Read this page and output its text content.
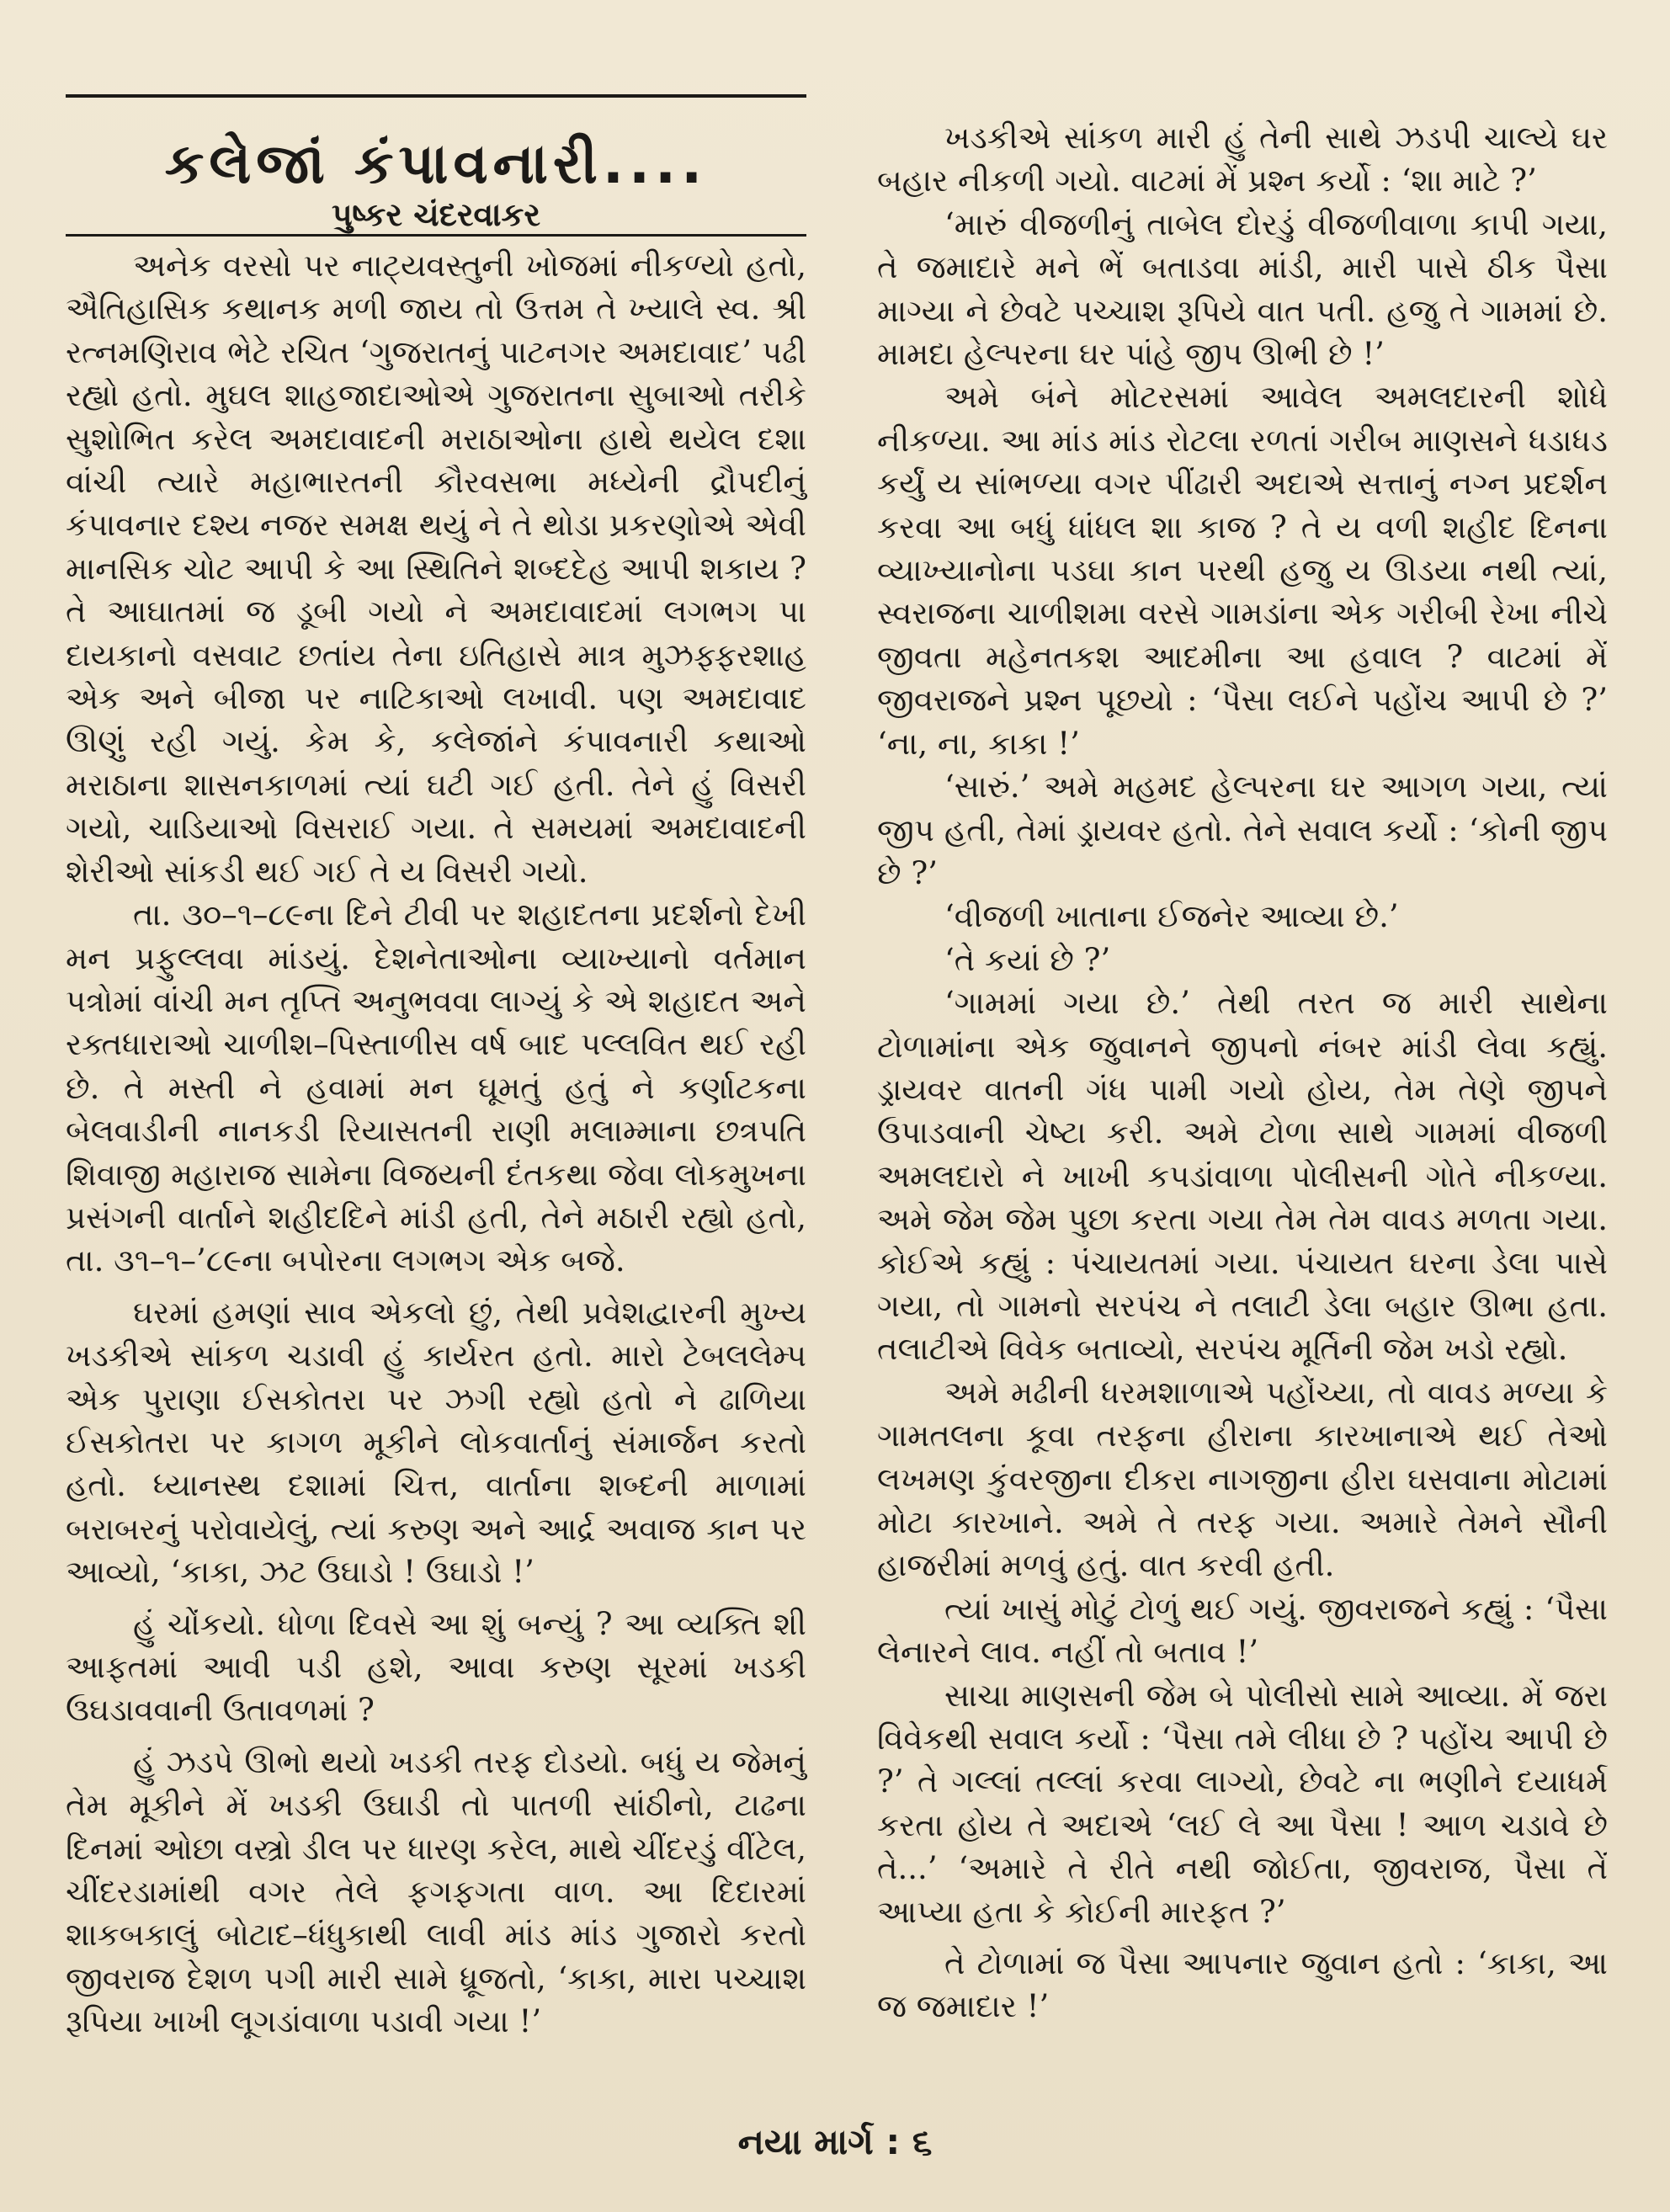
કલેજાં કંપાવનારી....
પુષ્કર ચંદરવાકર

અનેક વરસો પર નાટ્યવસ્તુની ખોજમાં નીકળ્યો હતો, ઐતિહાસિક કથાનક મળી જાય તો ઉત્તમ તે ખ્યાલે સ્વ. શ્રી રત્નમણિરાવ ભેટે રચિત ‘ગુજરાતનું પાટનગર અમદાવાદ’ પઢી રહ્યો હતો. મુઘલ શાહજાદાઓએ ગુજરાતના સુબાઓ તરીકે સુશોભિત કરેલ અમદાવાદની મરાઠાઓના હાથે થયેલ દશા વાંચી ત્યારે મહાભારતની કૌરવસભા મધ્યેની દ્રૌપદીનું કંપાવનાર દશ્ય નજર સમક્ષ થયું ને તે થોડા પ્રકરણોએ એવી માનસિક ચોટ આપી કે આ સ્થિતિને શબ્દદેહ આપી શકાય ? તે આઘાતમાં જ ડૂબી ગયો ને અમદાવાદમાં લગભગ પા દાયકાનો વસવાટ છતાંય તેના ઇતિહાસે માત્ર મુઝફ્ફરશાહ એક અને બીજા પર નાટિકાઓ લખાવી. પણ અમદાવાદ ઊણું રહી ગયું. કેમ કે, કલેજાંને કંપાવનારી કથાઓ મરાઠાના શાસનકાળમાં ત્યાં ઘટી ગઈ હતી. તેને હું વિસરી ગયો, ચાડિયાઓ વિસરાઈ ગયા. તે સમયમાં અમદાવાદની શેરીઓ સાંકડી થઈ ગઈ તે ય વિસરી ગયો.

તા. ૩૦–૧–૮૯ના દિને ટીવી પર શહાદતના પ્રદર્શનો દેખી મન પ્રફુલ્લવા માંડયું. દેશનેતાઓના વ્યાખ્યાનો વર્તમાન પત્રોમાં વાંચી મન તૃપ્તિ અનુભવવા લાગ્યું કે એ શહાદત અને રક્તધારાઓ ચાળીશ–પિસ્તાળીસ વર્ષ બાદ પલ્લવિત થઈ રહી છે. તે મસ્તી ને હવામાં મન ઘૂમતું હતું ને કર્ણાટકના બેલવાડીની નાનકડી રિયાસતની રાણી મલામ્માના છત્રપતિ શિવાજી મહારાજ સામેના વિજયની દંતકથા જેવા લોકમુખના પ્રસંગની વાર્તાને શહીદદિને માંડી હતી, તેને મઠારી રહ્યો હતો, તા. ૩૧–૧–’૮૯ના બપોરના લગભગ એક બજે.

ઘરમાં હમણાં સાવ એકલો છું, તેથી પ્રવેશદ્વારની મુખ્ય ખડકીએ સાંકળ ચડાવી હું કાર્યરત હતો. મારો ટેબલલેમ્પ એક પુરાણા ઈસકોતરા પર ઝગી રહ્યો હતો ને ઢાળિયા ઈસકોતરા પર કાગળ મૂકીને લોકવાર્તાનું સંમાર્જન કરતો હતો. ધ્યાનસ્થ દશામાં ચિત્ત, વાર્તાના શબ્દની માળામાં બરાબરનું પરોવાયેલું, ત્યાં કરુણ અને આર્દ્ર અવાજ કાન પર આવ્યો, ‘કાકા, ઝટ ઉઘાડો ! ઉઘાડો !’

હું ચોંકયો. ધોળા દિવસે આ શું બન્યું ? આ વ્યક્તિ શી આફતમાં આવી પડી હશે, આવા કરુણ સૂરમાં ખડકી ઉઘડાવવાની ઉતાવળમાં ?

હું ઝડપે ઊભો થયો ખડકી તરફ દોડયો. બધું ય જેમનું તેમ મૂકીને મેં ખડકી ઉઘાડી તો પાતળી સાંઠીનો, ટાઢના દિનમાં ઓછા વસ્ત્રો ડીલ પર ધારણ કરેલ, માથે ચીંદરડું વીંટેલ, ચીંદરડામાંથી વગર તેલે ફગફગતા વાળ. આ દિદારમાં શાકબકાલું બોટાદ–ધંધુકાથી લાવી માંડ માંડ ગુજારો કરતો જીવરાજ દેશળ પગી મારી સામે ધ્રૂજતો, ‘કાકા, મારા પચ્ચાશ રૂપિયા ખાખી લૂગડાંવાળા પડાવી ગયા !’

ખડકીએ સાંકળ મારી હું તેની સાથે ઝડપી ચાલ્યે ઘર બહાર નીકળી ગયો. વાટમાં મેં પ્રશ્ન કર્યો : ‘શા માટે ?’

‘મારું વીજળીનું તાબેલ દોરડું વીજળીવાળા કાપી ગયા, તે જમાદારે મને ભેં બતાડવા માંડી, મારી પાસે ઠીક પૈસા માગ્યા ને છેવટે પચ્ચાશ રૂપિયે વાત પતી. હજુ તે ગામમાં છે. મામદા હેલ્પરના ઘર પાંહે જીપ ઊભી છે !’

અમે બંને મોટરસમાં આવેલ અમલદારની શોધે નીકળ્યા. આ માંડ માંડ રોટલા રળતાં ગરીબ માણસને ધડાધડ કર્યું ય સાંભળ્યા વગર પીંઢારી અદાએ સત્તાનું નગ્ન પ્રદર્શન કરવા આ બધું ધાંધલ શા કાજ ? તે ય વળી શહીદ દિનના વ્યાખ્યાનોના પડઘા કાન પરથી હજુ ય ઊડયા નથી ત્યાં, સ્વરાજના ચાળીશમા વરસે ગામડાંના એક ગરીબી રેખા નીચે જીવતા મહેનતકશ આદમીના આ હવાલ ? વાટમાં મેં જીવરાજને પ્રશ્ન પૂછયો : ‘પૈસા લઈને પહોંચ આપી છે ?’ ‘ના, ના, કાકા !’

‘સારું.’ અમે મહમદ હેલ્પરના ઘર આગળ ગયા, ત્યાં જીપ હતી, તેમાં ડ્રાયવર હતો. તેને સવાલ કર્યો : ‘કોની જીપ છે ?’

‘વીજળી ખાતાના ઈજનેર આવ્યા છે.’

‘તે કયાં છે ?’

‘ગામમાં ગયા છે.’ તેથી તરત જ મારી સાથેના ટોળામાંના એક જુવાનને જીપનો નંબર માંડી લેવા કહ્યું. ડ્રાયવર વાતની ગંધ પામી ગયો હોય, તેમ તેણે જીપને ઉપાડવાની ચેષ્ટા કરી. અમે ટોળા સાથે ગામમાં વીજળી અમલદારો ને ખાખી કપડાંવાળા પોલીસની ગોતે નીકળ્યા. અમે જેમ જેમ પુછા કરતા ગયા તેમ તેમ વાવડ મળતા ગયા. કોઈએ કહ્યું : પંચાયતમાં ગયા. પંચાયત ઘરના ડેલા પાસે ગયા, તો ગામનો સરપંચ ને તલાટી ડેલા બહાર ઊભા હતા. તલાટીએ વિવેક બતાવ્યો, સરપંચ મૂર્તિની જેમ ખડો રહ્યો.

અમે મઢીની ધરમશાળાએ પહોંચ્યા, તો વાવડ મળ્યા કે ગામતલના કૂવા તરફના હીરાના કારખાનાએ થઈ તેઓ લખમણ કુંવરજીના દીકરા નાગજીના હીરા ઘસવાના મોટામાં મોટા કારખાને. અમે તે તરફ ગયા. અમારે તેમને સૌની હાજરીમાં મળવું હતું. વાત કરવી હતી.

ત્યાં ખાસું મોટું ટોળું થઈ ગયું. જીવરાજને કહ્યું : ‘પૈસા લેનારને લાવ. નહીં તો બતાવ !’

સાચા માણસની જેમ બે પોલીસો સામે આવ્યા. મેં જરા વિવેકથી સવાલ કર્યો : ‘પૈસા તમે લીધા છે ? પહોંચ આપી છે ?’ તે ગલ્લાં તલ્લાં કરવા લાગ્યો, છેવટે ના ભણીને દયાધર્મ કરતા હોય તે અદાએ ‘લઈ લે આ પૈસા ! આળ ચડાવે છે તે...’ ‘અમારે તે રીતે નથી જોઈતા, જીવરાજ, પૈસા તેં આપ્યા હતા કે કોઈની મારફત ?’

તે ટોળામાં જ પૈસા આપનાર જુવાન હતો : ‘કાકા, આ જ જમાદાર !’

નયા માર્ગ : ૬
